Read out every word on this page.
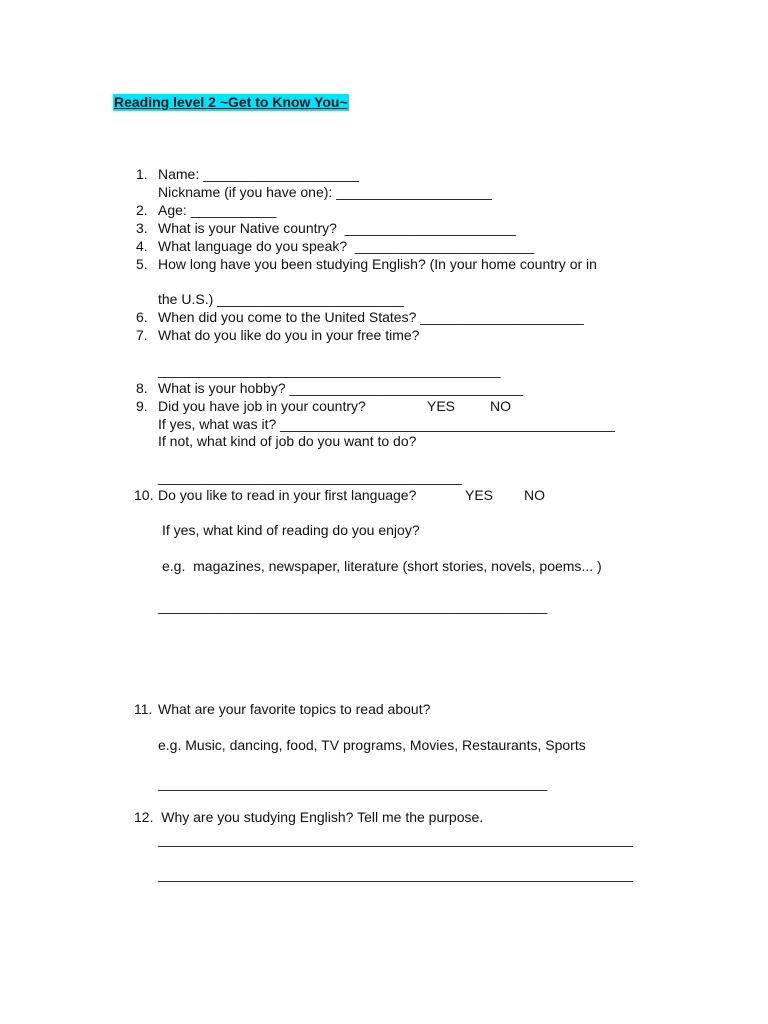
Reading level 2 ~Get to Know You~
1. Name: ____________________
Nickname (if you have one): ____________________
2. Age: ___________
3. What is your Native country?  ______________________
4. What language do you speak?  _______________________
5. How long have you been studying English? (In your home country or in
the U.S.) ________________________
6. When did you come to the United States? _____________________
7. What do you like do you in your free time?
____________________________________________
8. What is your hobby? ______________________________
9. Did you have job in your country?	YES NO
If yes, what was it? ___________________________________________
If not, what kind of job do you want to do?
_______________________________________
10. Do you like to read in your first language?	YES NO
If yes, what kind of reading do you enjoy?
e.g.  magazines, newspaper, literature (short stories, novels, poems... )
__________________________________________________
11. What are your favorite topics to read about?
e.g. Music, dancing, food, TV programs, Movies, Restaurants, Sports
__________________________________________________
12.  Why are you studying English? Tell me the purpose.
_____________________________________________________________
_____________________________________________________________
